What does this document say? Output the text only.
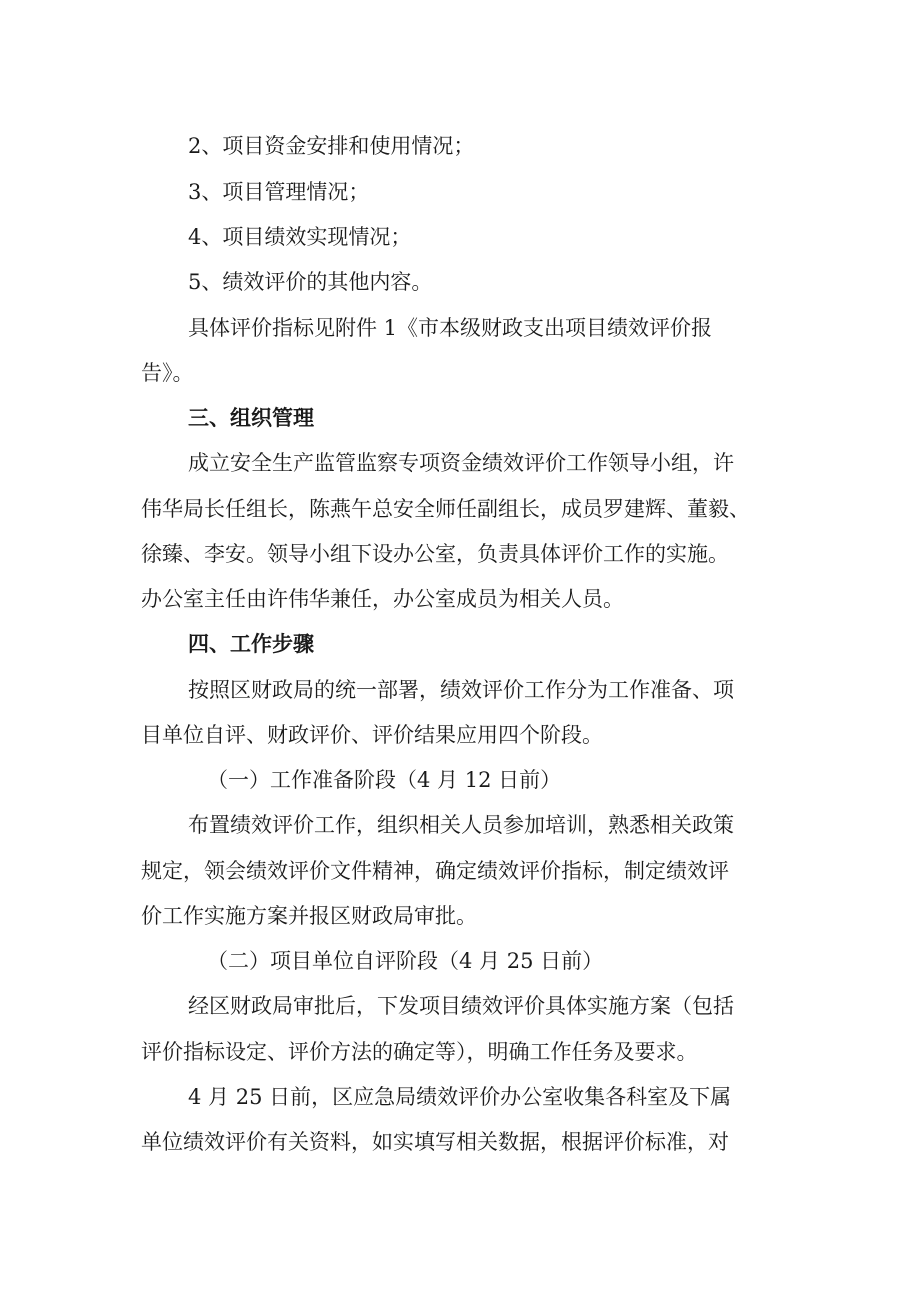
2、项目资金安排和使用情况；

3、项目管理情况；

4、项目绩效实现情况；

5、绩效评价的其他内容。

具体评价指标见附件 1《市本级财政支出项目绩效评价报

告》。

三、组织管理

成立安全生产监管监察专项资金绩效评价工作领导小组，许

伟华局长任组长，陈燕午总安全师任副组长，成员罗建辉、董毅、

徐臻、李安。领导小组下设办公室，负责具体评价工作的实施。

办公室主任由许伟华兼任，办公室成员为相关人员。

四、工作步骤

按照区财政局的统一部署，绩效评价工作分为工作准备、项

目单位自评、财政评价、评价结果应用四个阶段。

（一）工作准备阶段（4 月 12 日前）

布置绩效评价工作，组织相关人员参加培训，熟悉相关政策

规定，领会绩效评价文件精神，确定绩效评价指标，制定绩效评

价工作实施方案并报区财政局审批。

（二）项目单位自评阶段（4 月 25 日前）

经区财政局审批后，下发项目绩效评价具体实施方案（包括

评价指标设定、评价方法的确定等），明确工作任务及要求。

4 月 25 日前，区应急局绩效评价办公室收集各科室及下属

单位绩效评价有关资料，如实填写相关数据，根据评价标准，对
